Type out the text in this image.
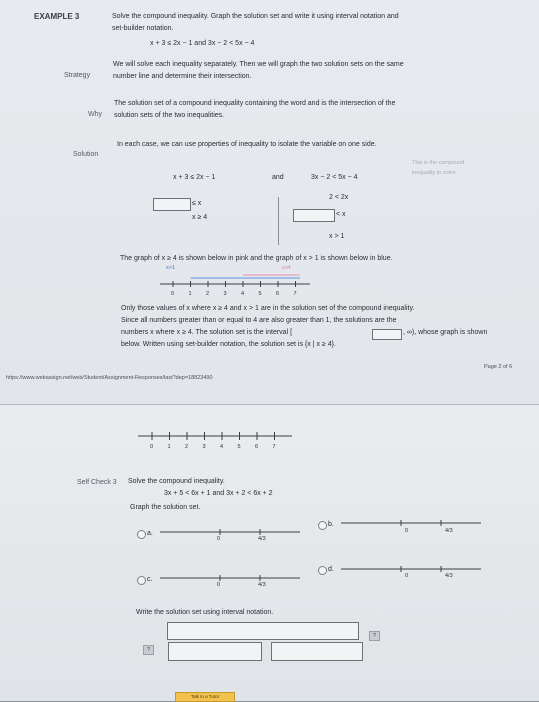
EXAMPLE 3	Solve the compound inequality. Graph the solution set and write it using interval notation and
set-builder notation.
x + 3 ≤ 2x − 1 and 3x − 2 < 5x − 4
Strategy
We will solve each inequality separately. Then we will graph the two solution sets on the same
number line and determine their intersection.
Why
The solution set of a compound inequality containing the word and is the intersection of the
solution sets of the two inequalities.
Solution
In each case, we can use properties of inequality to isolate the variable on one side.
This is the compound
inequality to solve.
x + 3 ≤ 2x − 1	and	3x − 2 < 5x − 4
≤ x
x ≥ 4
2 < 2x
< x
x > 1
The graph of x ≥ 4 is shown below in pink and the graph of x > 1 is shown below in blue.
x>1	x≥4
0	1	2	3	4	5	6	7
Only those values of x where x ≥ 4 and x > 1 are in the solution set of the compound inequality.
Since all numbers greater than or equal to 4 are also greater than 1, the solutions are the
numbers x where x ≥ 4. The solution set is the interval [	, ∞), whose graph is shown
below. Written using set-builder notation, the solution set is {x | x ≥ 4}.
https://www.webassign.net/web/Student/Assignment-Responses/last?dep=18823490
Page 2 of 6
0	1	2	3	4	5	6	7
Self Check 3 Solve the compound inequality.
3x + 5 < 6x + 1 and 3x + 2 < 6x + 2
Graph the solution set.
a.
b.
c.
d.
0	4/3
0	4/3
0	4/3
0	4/3
Write the solution set using interval notation.
?
?
Talk to a Tutor
